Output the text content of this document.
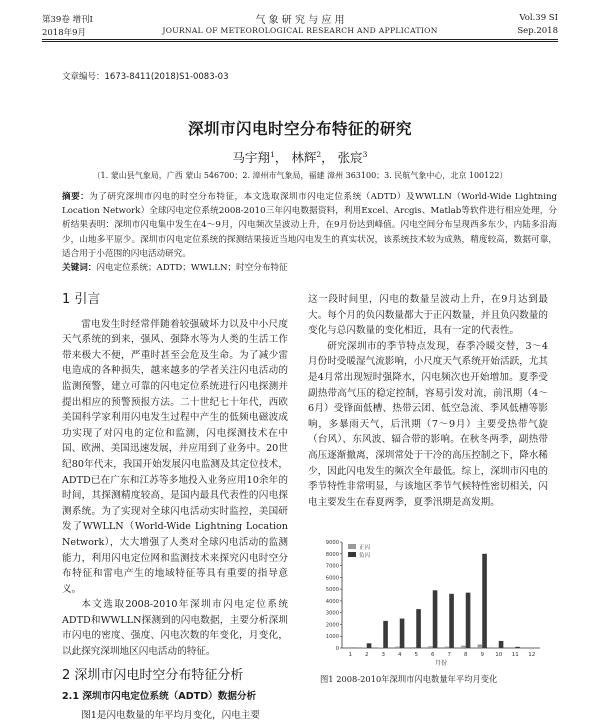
第39卷 增刊Ⅰ
2018年9月
气 象 研 究 与 应 用
JOURNAL OF METEOROLOGICAL RESEARCH AND APPLICATION
Vol.39 SⅠ
Sep.2018
文章编号：1673-8411(2018)S1-0083-03
深圳市闪电时空分布特征的研究
马宇翔$^1$， 林辉$^2$， 张宸$^3$
（1. 蒙山县气象局，广西 蒙山 546700；2. 漳州市气象局，福建 漳州 363100；3. 民航气象中心，北京 100122）
摘要：为了研究深圳市闪电的时空分布特征，本文选取深圳市闪电定位系统（ADTD）及WWLLN（World-Wide Lightning Location Network）全球闪电定位系统2008-2010三年闪电数据资料，利用Excel、Arcgis、Matlab等软件进行相应处理，分析结果表明：深圳市闪电集中发生在4～9月，闪电频次呈波动上升，在9月份达到峰值。闪电空间分布呈现西多东少，内陆多沿海少，山地多平原少。深圳市闪电定位系统的探测结果接近当地闪电发生的真实状况，该系统技术较为成熟，精度较高，数据可靠，适合用于小范围的闪电活动研究。
关键词：闪电定位系统；ADTD；WWLLN；时空分布特征
1 引言

雷电发生时经常伴随着较强破坏力以及中小尺度天气系统的到来，强风、强降水等为人类的生活工作带来极大不便，严重时甚至会危及生命。为了减少雷电造成的各种损失，越来越多的学者关注闪电活动的监测预警，建立可靠的闪电定位系统进行闪电探测并提出相应的预警预报方法。二十世纪七十年代，西欧美国科学家利用闪电发生过程中产生的低频电磁波成功实现了对闪电的定位和监测，闪电探测技术在中国、欧洲、美国迅速发展，并应用到了业务中。20世纪80年代末，我国开始发展闪电监测及其定位技术，ADTD已在广东和江苏等多地投入业务应用10余年的时间，其探测精度较高，是国内最具代表性的闪电探测系统。为了实现对全球闪电活动实时监控，美国研发了WWLLN（World-Wide Lightning Location Network），大大增强了人类对全球闪电活动的监测能力，利用闪电定位网和监测技术来探究闪电时空分布特征和雷电产生的地域特征等具有重要的指导意义。

本文选取2008-2010年深圳市闪电定位系统ADTD和WWLLN探测到的闪电数据，主要分析深圳市闪电的密度、强度、闪电次数的年变化，月变化，以此探究深圳地区闪电活动的特征。

2 深圳市闪电时空分布特征分析
2.1 深圳市闪电定位系统（ADTD）数据分析

图1是闪电数量的年平均月变化，闪电主要

这一段时间里，闪电的数量呈波动上升，在9月达到最大。每个月的负闪数量都大于正闪数量，并且负闪数量的变化与总闪数量的变化相近，具有一定的代表性。

研究深圳市的季节特点发现，春季冷暖交替，3～4月份时受暖湿气流影响，小尺度天气系统开始活跃，尤其是4月常出现短时强降水，闪电频次也开始增加。夏季受副热带高气压的稳定控制，容易引发对流，前汛期（4～6月）受锋面低槽、热带云团、低空急流、季风低槽等影响，多暴雨天气，后汛期（7～9月）主要受热带气旋（台风）、东风波、辐合带的影响。在秋冬两季，副热带高压逐渐撤离，深圳常处于干冷的高压控制之下，降水稀少，因此闪电发生的频次全年最低。综上，深圳市闪电的季节特性非常明显，与该地区季节气候特性密切相关，闪电主要发生在春夏两季，夏季汛期是高发期。

0
1000
2000
3000
4000
5000
6000
7000
8000
9000
1 2 3 4 5 6 7 8 9 10 11 12
月份
正闪
负闪
图1 2008-2010年深圳市闪电数量年平均月变化
